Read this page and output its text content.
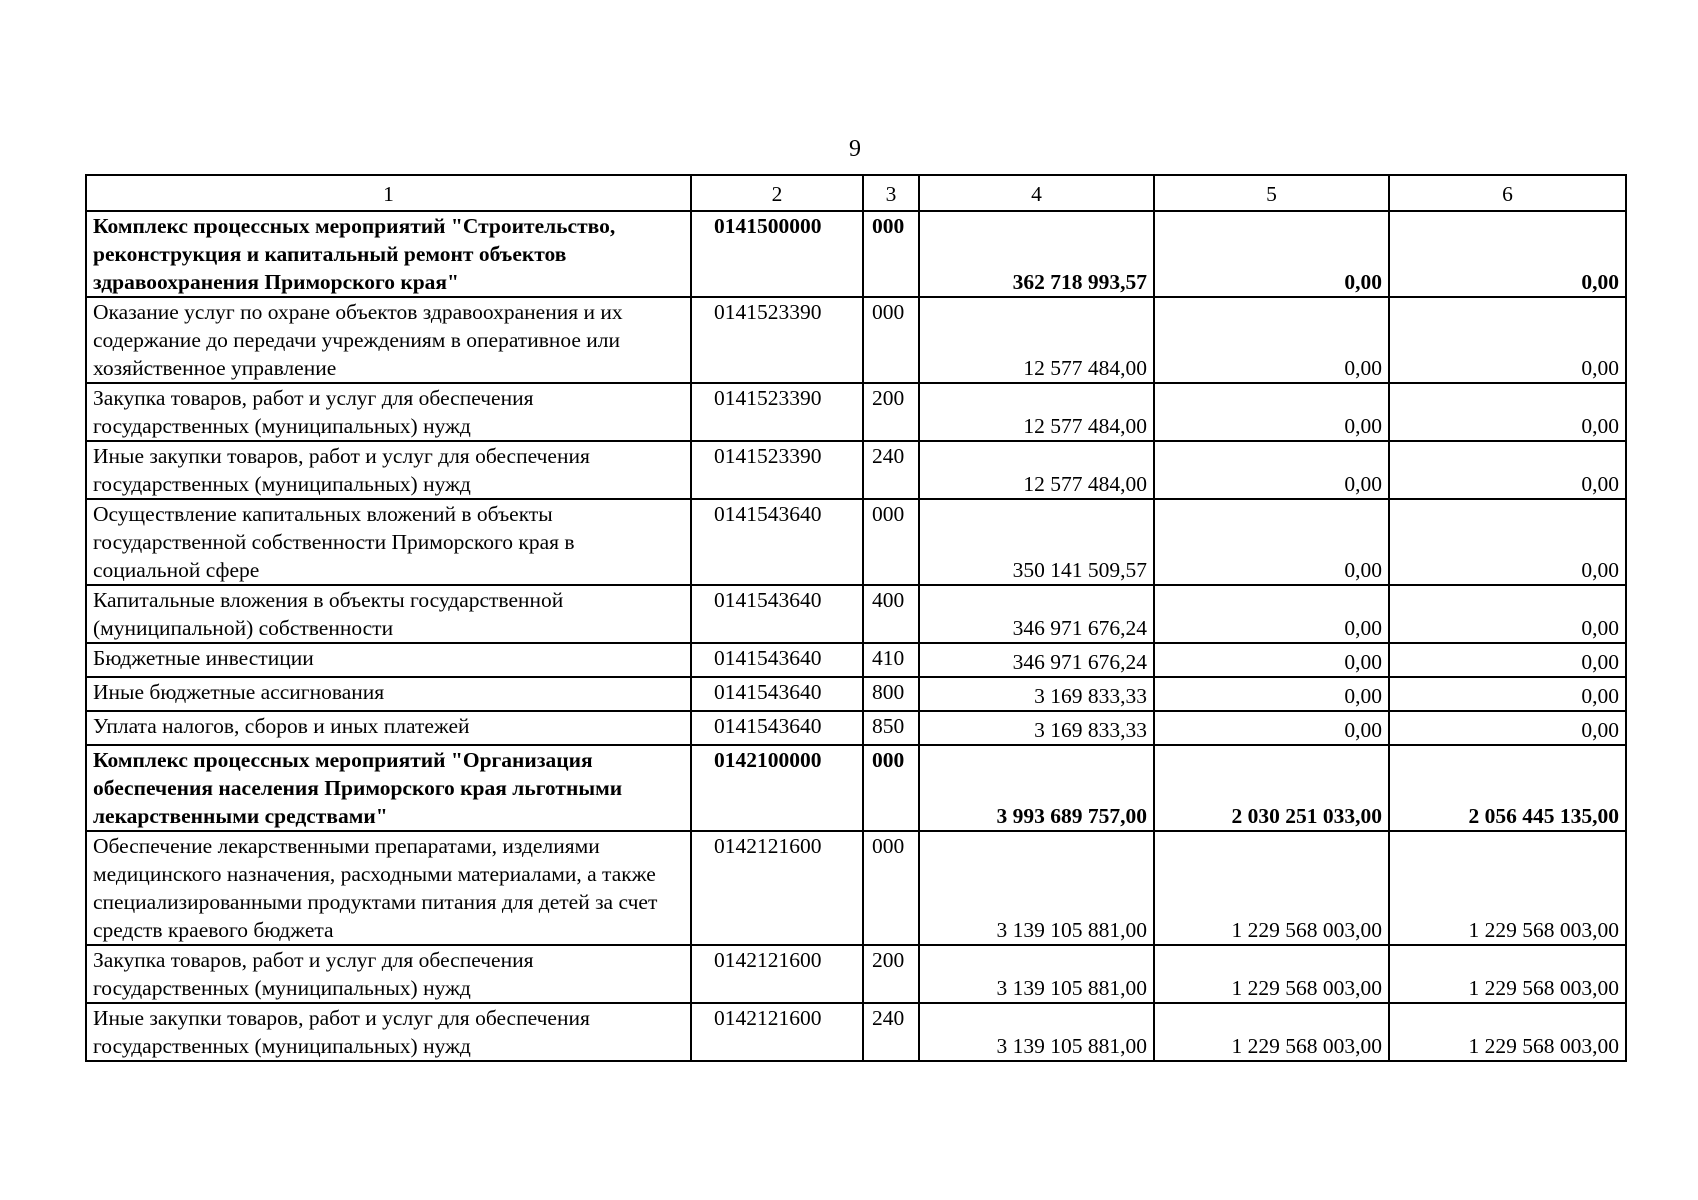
9
1	2	3	4	5	6
Комплекс процессных мероприятий "Строительство, реконструкция и капитальный ремонт объектов здравоохранения Приморского края"	0141500000	000	362 718 993,57	0,00	0,00
Оказание услуг по охране объектов здравоохранения и их содержание до передачи учреждениям в оперативное или хозяйственное управление	0141523390	000	12 577 484,00	0,00	0,00
Закупка товаров, работ и услуг для обеспечения государственных (муниципальных) нужд	0141523390	200	12 577 484,00	0,00	0,00
Иные закупки товаров, работ и услуг для обеспечения государственных (муниципальных) нужд	0141523390	240	12 577 484,00	0,00	0,00
Осуществление капитальных вложений в объекты государственной собственности Приморского края в социальной сфере	0141543640	000	350 141 509,57	0,00	0,00
Капитальные вложения в объекты государственной (муниципальной) собственности	0141543640	400	346 971 676,24	0,00	0,00
Бюджетные инвестиции	0141543640	410	346 971 676,24	0,00	0,00
Иные бюджетные ассигнования	0141543640	800	3 169 833,33	0,00	0,00
Уплата налогов, сборов и иных платежей	0141543640	850	3 169 833,33	0,00	0,00
Комплекс процессных мероприятий "Организация обеспечения населения Приморского края льготными лекарственными средствами"	0142100000	000	3 993 689 757,00	2 030 251 033,00	2 056 445 135,00
Обеспечение лекарственными препаратами, изделиями медицинского назначения, расходными материалами, а также специализированными продуктами питания для детей за счет средств краевого бюджета	0142121600	000	3 139 105 881,00	1 229 568 003,00	1 229 568 003,00
Закупка товаров, работ и услуг для обеспечения государственных (муниципальных) нужд	0142121600	200	3 139 105 881,00	1 229 568 003,00	1 229 568 003,00
Иные закупки товаров, работ и услуг для обеспечения государственных (муниципальных) нужд	0142121600	240	3 139 105 881,00	1 229 568 003,00	1 229 568 003,00
